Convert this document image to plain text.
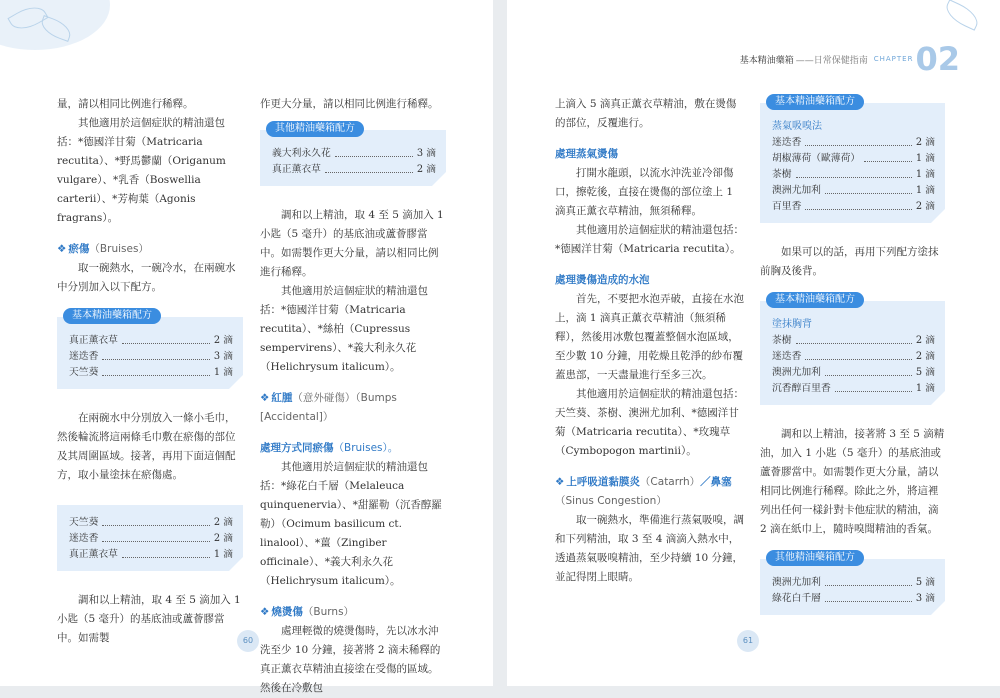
量，請以相同比例進行稀釋。

其他適用於這個症狀的精油還包括：*德國洋甘菊（Matricaria recutita）、*野馬鬱蘭（Origanum vulgare）、*乳香（Boswellia carterii）、*芳枸葉（Agonis fragrans）。

❖ 瘀傷（Bruises）

取一碗熱水，一碗冷水，在兩碗水中分別加入以下配方。

基本精油藥箱配方
真正薰衣草	2 滴
迷迭香	3 滴
天竺葵	1 滴

在兩碗水中分別放入一條小毛巾，然後輪流將這兩條毛巾敷在瘀傷的部位及其周圍區域。接著，再用下面這個配方，取小量塗抹在瘀傷處。

天竺葵	2 滴
迷迭香	2 滴
真正薰衣草	1 滴

調和以上精油，取 4 至 5 滴加入 1 小匙（5 毫升）的基底油或蘆薈膠當中。如需製

作更大分量，請以相同比例進行稀釋。

其他精油藥箱配方
義大利永久花	3 滴
真正薰衣草	2 滴

調和以上精油，取 4 至 5 滴加入 1 小匙（5 毫升）的基底油或蘆薈膠當中。如需製作更大分量，請以相同比例進行稀釋。

其他適用於這個症狀的精油還包括：*德國洋甘菊（Matricaria recutita）、*絲柏（Cupressus sempervirens）、*義大利永久花（Helichrysum italicum）。

❖ 紅腫（意外碰傷）（Bumps [Accidental]）

處理方式同瘀傷（Bruises）。

其他適用於這個症狀的精油還包括：*綠花白千層（Melaleuca quinquenervia）、*甜羅勒（沉香醇羅勒）（Ocimum basilicum ct. linalool）、*薑（Zingiber officinale）、*義大利永久花（Helichrysum italicum）。

❖ 燒燙傷（Burns）

處理輕微的燒燙傷時，先以冰水沖洗至少 10 分鐘，接著將 2 滴未稀釋的真正薰衣草精油直接塗在受傷的區域。然後在冷敷包

60
基本精油藥箱 ——日常保健指南 CHAPTER 02

上滴入 5 滴真正薰衣草精油，敷在燙傷的部位，反覆進行。

處理蒸氣燙傷

打開水龍頭，以流水沖洗並冷卻傷口，擦乾後，直接在燙傷的部位塗上 1 滴真正薰衣草精油，無須稀釋。

其他適用於這個症狀的精油還包括：*德國洋甘菊（Matricaria recutita）。

處理燙傷造成的水泡

首先，不要把水泡弄破，直接在水泡上，滴 1 滴真正薰衣草精油（無須稀釋），然後用冰敷包覆蓋整個水泡區域，至少數 10 分鐘，用乾燥且乾淨的紗布覆蓋患部，一天盡量進行至多三次。

其他適用於這個症狀的精油還包括：天竺葵、茶樹、澳洲尤加利、*德國洋甘菊（Matricaria recutita）、*玫瑰草（Cymbopogon martinii）。

❖ 上呼吸道黏膜炎（Catarrh）／鼻塞
（Sinus Congestion）

取一碗熱水，準備進行蒸氣吸嗅，調和下列精油，取 3 至 4 滴滴入熱水中，透過蒸氣吸嗅精油，至少持續 10 分鐘，並記得閉上眼睛。

基本精油藥箱配方
蒸氣吸嗅法
迷迭香	2 滴
胡椒薄荷（歐薄荷）	1 滴
茶樹	1 滴
澳洲尤加利	1 滴
百里香	2 滴

如果可以的話，再用下列配方塗抹前胸及後背。

基本精油藥箱配方
塗抹胸背
茶樹	2 滴
迷迭香	2 滴
澳洲尤加利	5 滴
沉香醇百里香	1 滴

調和以上精油，接著將 3 至 5 滴精油，加入 1 小匙（5 毫升）的基底油或蘆薈膠當中。如需製作更大分量，請以相同比例進行稀釋。除此之外，將這裡列出任何一樣針對卡他症狀的精油，滴 2 滴在紙巾上，隨時嗅聞精油的香氣。

其他精油藥箱配方
澳洲尤加利	5 滴
綠花白千層	3 滴
61
